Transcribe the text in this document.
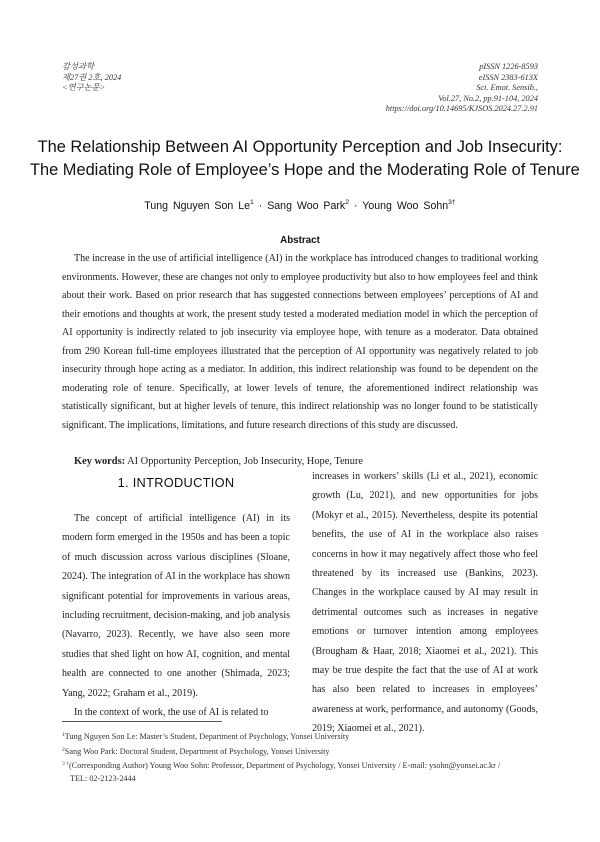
감성과학
제27권 2호, 2024
<연구논문>
pISSN 1226-8593
eISSN 2383-613X
Sci. Emot. Sensib.,
Vol.27, No.2, pp.91-104, 2024
https://doi.org/10.14695/KJSOS.2024.27.2.91
The Relationship Between AI Opportunity Perception and Job Insecurity:
The Mediating Role of Employee’s Hope and the Moderating Role of Tenure
Tung Nguyen Son $Le^1$ · Sang Woo Park$^2$ · Young Woo Sohn$^{3\dagger}$
Abstract
The increase in the use of artificial intelligence (AI) in the workplace has introduced changes to traditional working environments. However, these are changes not only to employee productivity but also to how employees feel and think about their work. Based on prior research that has suggested connections between employees’ perceptions of AI and their emotions and thoughts at work, the present study tested a moderated mediation model in which the perception of AI opportunity is indirectly related to job insecurity via employee hope, with tenure as a moderator. Data obtained from 290 Korean full-time employees illustrated that the perception of AI opportunity was negatively related to job insecurity through hope acting as a mediator. In addition, this indirect relationship was found to be dependent on the moderating role of tenure. Specifically, at lower levels of tenure, the aforementioned indirect relationship was statistically significant, but at higher levels of tenure, this indirect relationship was no longer found to be statistically significant. The implications, limitations, and future research directions of this study are discussed.
Key words: AI Opportunity Perception, Job Insecurity, Hope, Tenure
1. INTRODUCTION

The concept of artificial intelligence (AI) in its modern form emerged in the 1950s and has been a topic of much discussion across various disciplines (Sloane, 2024). The integration of AI in the workplace has shown significant potential for improvements in various areas, including recruitment, decision-making, and job analysis (Navarro, 2023). Recently, we have also seen more studies that shed light on how AI, cognition, and mental health are connected to one another (Shimada, 2023; Yang, 2022; Graham et al., 2019).

In the context of work, the use of AI is related to

increases in workers’ skills (Li et al., 2021), economic growth (Lu, 2021), and new opportunities for jobs (Mokyr et al., 2015). Nevertheless, despite its potential benefits, the use of AI in the workplace also raises concerns in how it may negatively affect those who feel threatened by its increased use (Bankins, 2023). Changes in the workplace caused by AI may result in detrimental outcomes such as increases in negative emotions or turnover intention among employees (Brougham & Haar, 2018; Xiaomei et al., 2021). This may be true despite the fact that the use of AI at work has also been related to increases in employees’ awareness at work, performance, and autonomy (Goods, 2019; Xiaomei et al., 2021).

$^1$Tung Nguyen Son Le: Master’s Student, Department of Psychology, Yonsei University
$^2$Sang Woo Park: Doctoral Student, Department of Psychology, Yonsei University
$^{3 \dagger}$(Corresponding Author) Young Woo Sohn: Professor, Department of Psychology, Yonsei University / E-mail: ysohn@yonsei.ac.kr /
TEL: 02-2123-2444
